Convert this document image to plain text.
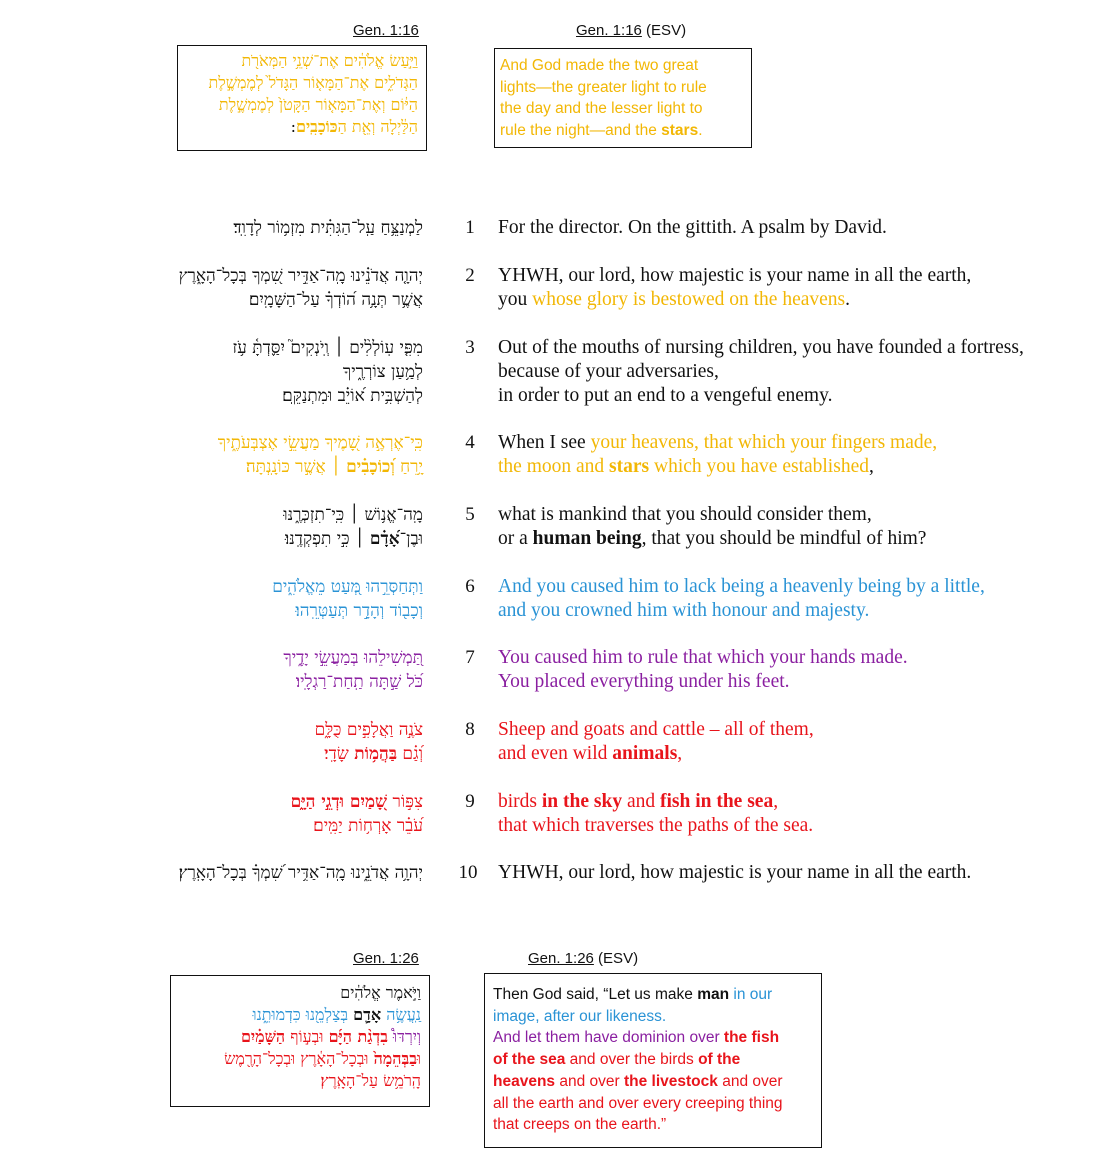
Gen. 1:16	Gen. 1:16 (ESV)
וַיַּ֣עַשׂ אֱלֹהִ֔ים אֶת־שְׁנֵ֥י הַמְּאֹרֹ֖ת
הַגְּדֹלִ֑ים אֶת־הַמָּא֤וֹר הַגָּדֹל֙ לְמֶמְשֶׁ֣לֶת
הַיּ֔וֹם וְאֶת־הַמָּא֤וֹר הַקָּטֹן֙ לְמֶמְשֶׁ֣לֶת
הַלַּ֔יְלָה וְאֵ֖ת הַכּוֹכָבִֽים:
And God made the two great
lights—the greater light to rule
the day and the lesser light to
rule the night—and the stars.
לַמְנַצֵּ֥חַ עַֽל־הַגִּתִּ֗ית מִזְמ֥וֹר לְדָוִֽד׃	1	For the director. On the gittith. A psalm by David.
יְהוָ֤ה אֲדֹנֵ֗ינוּ מָֽה־אַדִּ֣יר שִׁ֭מְךָ בְּכָל־הָאָ֑רֶץ
אֲשֶׁ֥ר תְּנָ֥ה ה֝וֹדְךָ֗ עַל־הַשָּׁמָֽיִם׃
2	YHWH, our lord, how majestic is your name in all the earth,
you whose glory is bestowed on the heavens.
מִפִּ֤י עֽוֹלְלִ֨ים ׀ וְֽיֹנְקִים֮ יִסַּ֪דְתָּ֫ עֹ֥ז
לְמַ֥עַן צוֹרְרֶ֑יךָ
לְהַשְׁבִּ֥ית א֝וֹיֵ֗ב וּמִתְנַקֵּֽם׃
3	Out of the mouths of nursing children, you have founded a fortress,
because of your adversaries,
in order to put an end to a vengeful enemy.
כִּֽי־אֶרְאֶ֣ה שָׁ֭מֶיךָ מַעֲשֵׂ֣י אֶצְבְּעֹתֶ֑יךָ
יָ֥רֵחַ וְ֝כוֹכָבִ֗ים ׀ אֲשֶׁ֣ר כּוֹנָֽנְתָּה׃
4	When I see your heavens, that which your fingers made,
the moon and stars which you have established,
מָֽה־אֱנ֥וֹשׁ ׀ כִּֽי־תִזְכְּרֶ֑נּוּ
וּבֶן־אָ֝דָ֗ם ׀ כִּ֣י תִפְקְדֶֽנּוּ׃
5	what is mankind that you should consider them,
or a human being, that you should be mindful of him?
וַתְּחַסְּרֵ֣הוּ מְּ֭עַט מֵאֱלֹהִ֑ים
וְכָב֖וֹד וְהָדָ֣ר תְּעַטְּרֵֽהוּ׃
6	And you caused him to lack being a heavenly being by a little,
and you crowned him with honour and majesty.
תַּ֭מְשִׁילֵהוּ בְּמַעֲשֵׂ֣י יָדֶ֑יךָ
כֹּ֝ל שַׁ֣תָּה תַֽחַת־רַגְלָֽיו׃
7	You caused him to rule that which your hands made.
You placed everything under his feet.
צֹנֶ֣ה וַאֲלָפִ֣ים כֻּלָּ֑ם
וְ֝גַ֗ם בַּהֲמ֥וֹת שָׂדָֽי׃
8	Sheep and goats and cattle – all of them,
and even wild animals,
צִפּ֣וֹר שָׁ֭מַיִם וּדְגֵ֣י הַיָּ֑ם
עֹ֝בֵ֗ר אָרְח֥וֹת יַמִּֽים׃
9	birds in the sky and fish in the sea,
that which traverses the paths of the sea.
יְהוָ֥ה אֲדֹנֵ֑ינוּ מָֽה־אַדִּ֥יר שִׁ֝מְךָ֗ בְּכָל־הָאָֽרֶץ׃ 10 YHWH, our lord, how majestic is your name in all the earth.
Gen. 1:26	Gen. 1:26 (ESV)
וַיֹּ֣אמֶר אֱלֹהִ֔ים
נַֽעֲשֶׂ֥ה אָדָ֛ם בְּצַלְמֵ֖נוּ כִּדְמוּתֵ֑נוּ
וְיִרְדּוּ֩ בִדְגַ֨ת הַיָּ֜ם וּבְע֣וֹף הַשָּׁמַ֗יִם
וּבַבְּהֵמָה֙ וּבְכָל־הָאָ֔רֶץ וּבְכָל־הָרֶ֖מֶשׂ
הָֽרֹמֵ֥שׂ עַל־הָאָֽרֶץ׃
Then God said, “Let us make man in our
image, after our likeness.
And let them have dominion over the fish
of the sea and over the birds of the
heavens and over the livestock and over
all the earth and over every creeping thing
that creeps on the earth.”
